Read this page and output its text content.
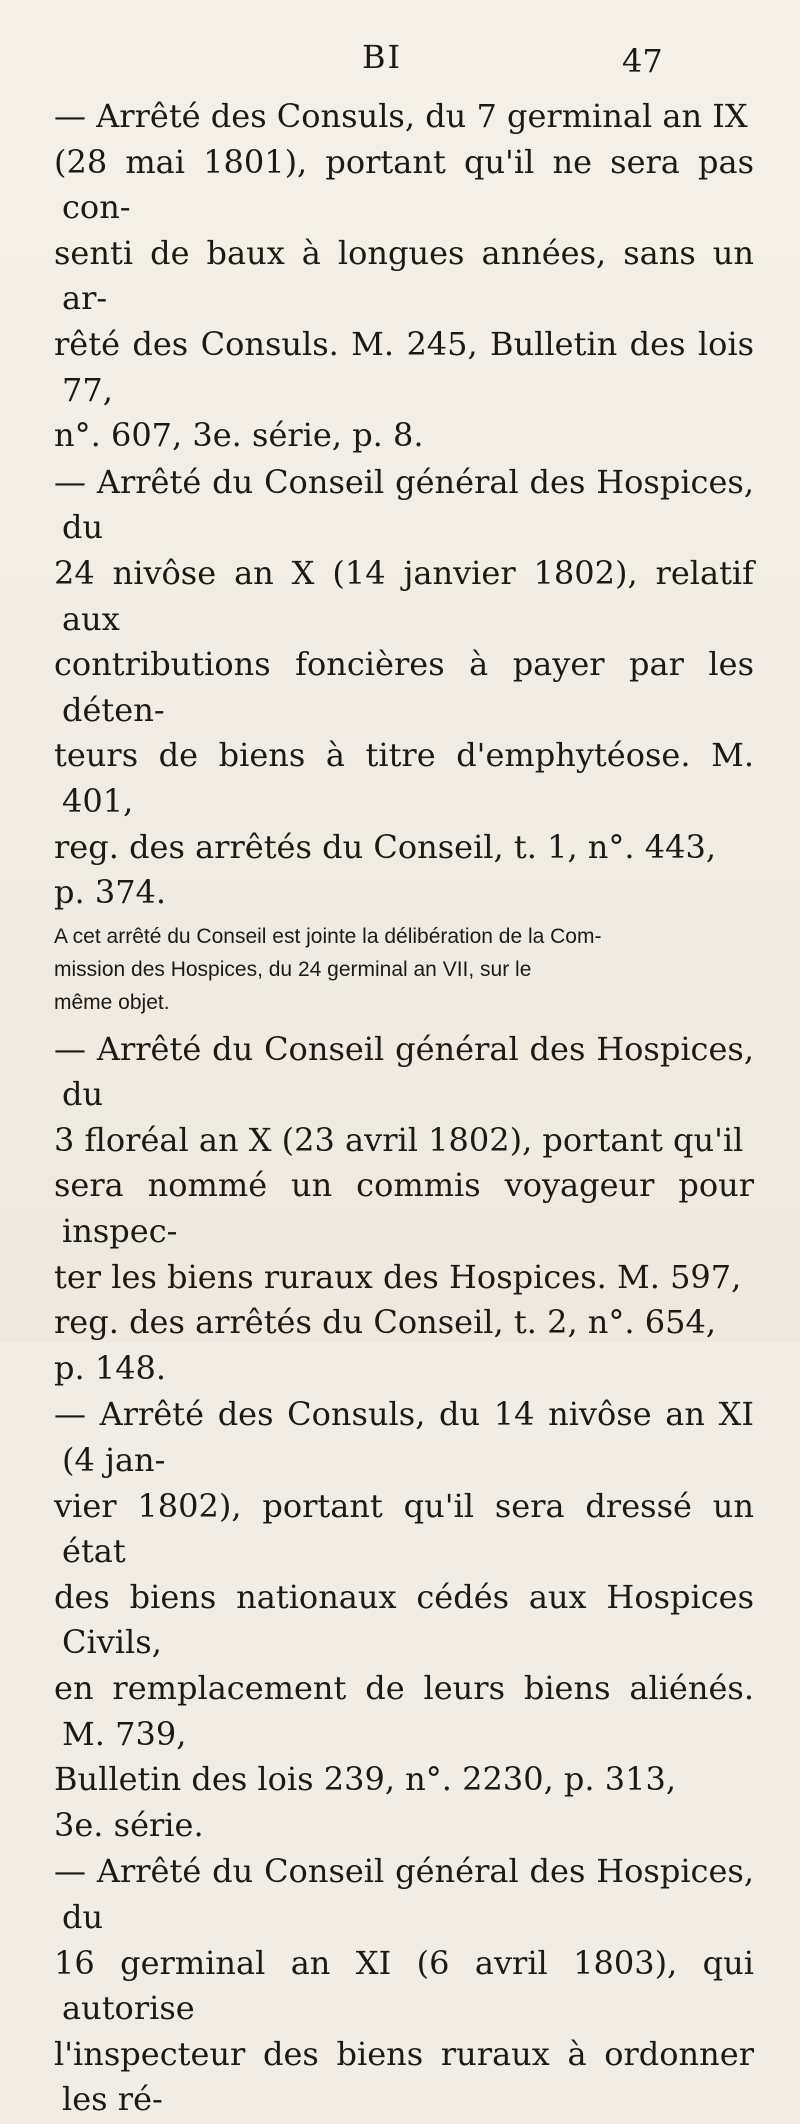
BI	47
— Arrêté des Consuls, du 7 germinal an IX
(28 mai 1801), portant qu'il ne sera pas con-
senti de baux à longues années, sans un ar-
rêté des Consuls. M. 245, Bulletin des lois 77,
n°. 607, 3e. série, p. 8.
— Arrêté du Conseil général des Hospices, du
24 nivôse an X (14 janvier 1802), relatif aux
contributions foncières à payer par les déten-
teurs de biens à titre d'emphytéose. M. 401,
reg. des arrêtés du Conseil, t. 1, n°. 443,
p. 374.
A cet arrêté du Conseil est jointe la délibération de la Com-
mission des Hospices, du 24 germinal an VII, sur le
même objet.
— Arrêté du Conseil général des Hospices, du
3 floréal an X (23 avril 1802), portant qu'il
sera nommé un commis voyageur pour inspec-
ter les biens ruraux des Hospices. M. 597,
reg. des arrêtés du Conseil, t. 2, n°. 654,
p. 148.
— Arrêté des Consuls, du 14 nivôse an XI (4 jan-
vier 1802), portant qu'il sera dressé un état
des biens nationaux cédés aux Hospices Civils,
en remplacement de leurs biens aliénés. M. 739,
Bulletin des lois 239, n°. 2230, p. 313,
3e. série.
— Arrêté du Conseil général des Hospices, du
16 germinal an XI (6 avril 1803), qui autorise
l'inspecteur des biens ruraux à ordonner les ré-
